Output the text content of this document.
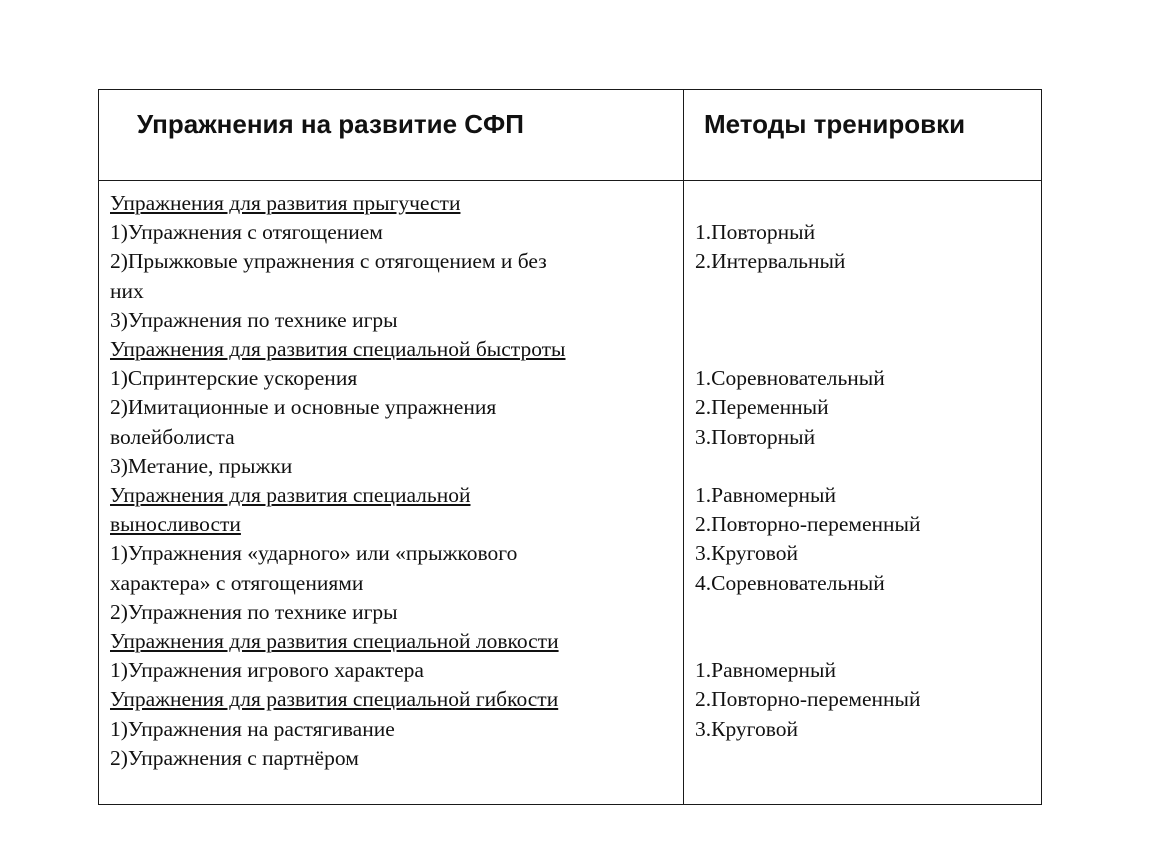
Упражнения на развитие СФП	Методы тренировки
Упражнения для развития прыгучести
1)Упражнения с отягощением
2)Прыжковые упражнения с отягощением и без
них
3)Упражнения по технике игры
Упражнения для развития специальной быстроты
1)Спринтерские ускорения
2)Имитационные и основные упражнения
волейболиста
3)Метание, прыжки
Упражнения для развития специальной
выносливости
1)Упражнения «ударного» или «прыжкового
характера» с отягощениями
2)Упражнения по технике игры
Упражнения для развития специальной ловкости
1)Упражнения игрового характера
Упражнения для развития специальной гибкости
1)Упражнения на растягивание
2)Упражнения с партнёром
1.Повторный
2.Интервальный
1.Соревновательный
2.Переменный
3.Повторный
1.Равномерный
2.Повторно-переменный
3.Круговой
4.Соревновательный
1.Равномерный
2.Повторно-переменный
3.Круговой
